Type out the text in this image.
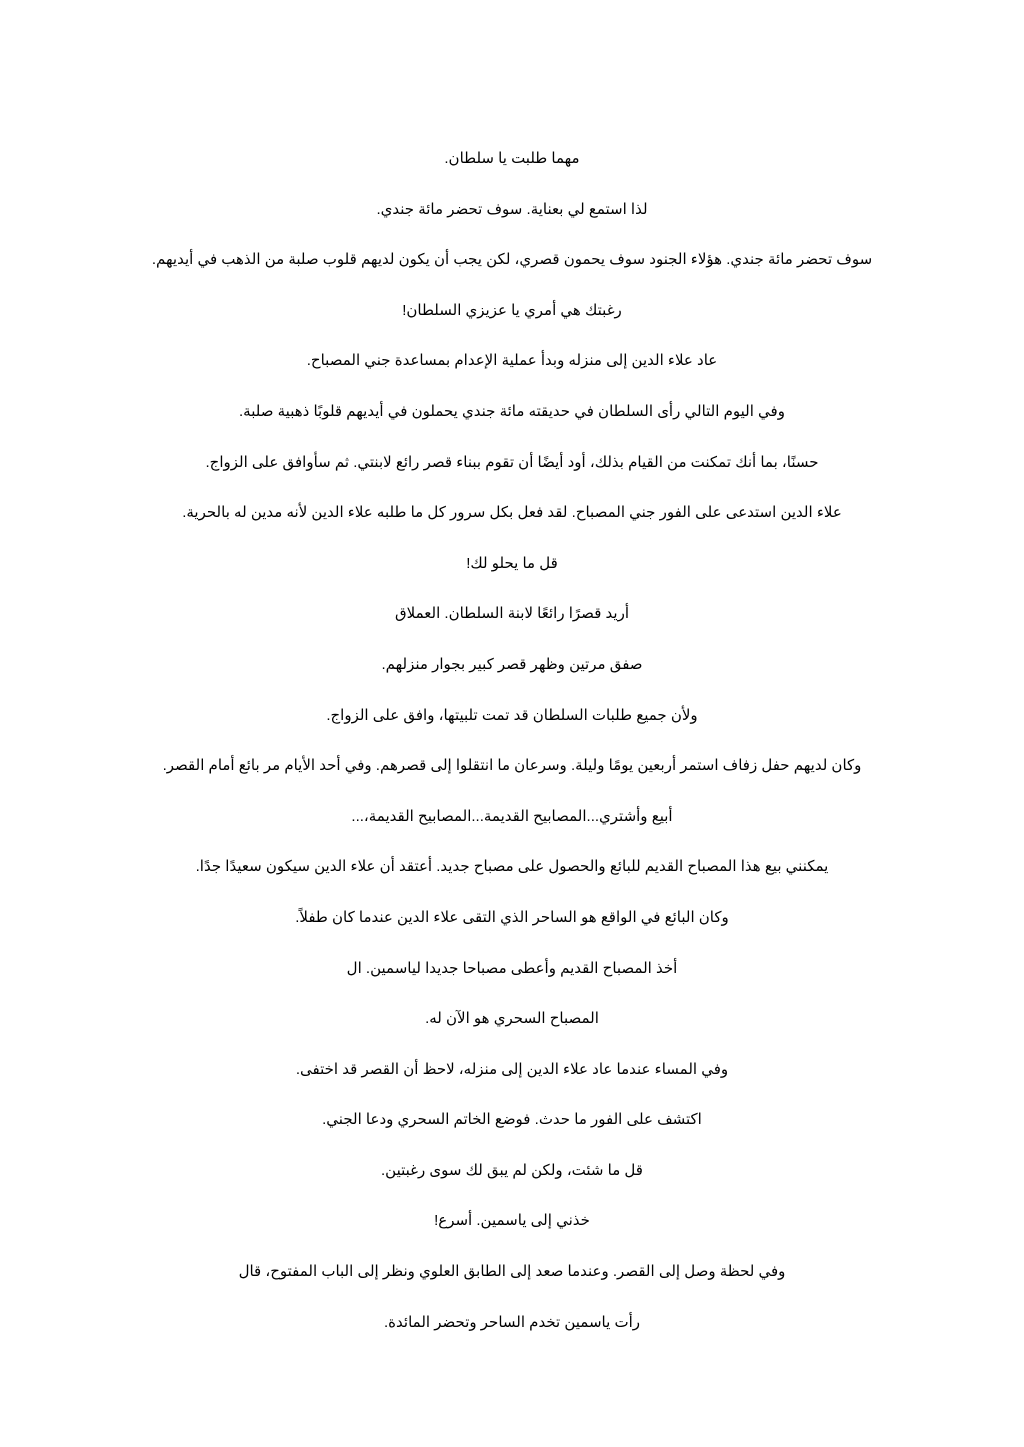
مهما طلبت يا سلطان.

لذا استمع لي بعناية. سوف تحضر مائة جندي.

سوف تحضر مائة جندي. هؤلاء الجنود سوف يحمون قصري، لكن يجب أن يكون لديهم قلوب صلبة من الذهب في أيديهم.

رغبتك هي أمري يا عزيزي السلطان!

عاد علاء الدين إلى منزله وبدأ عملية الإعدام بمساعدة جني المصباح.

وفي اليوم التالي رأى السلطان في حديقته مائة جندي يحملون في أيديهم قلوبًا ذهبية صلبة.

حسنًا، بما أنك تمكنت من القيام بذلك، أود أيضًا أن تقوم ببناء قصر رائع لابنتي. ثم سأوافق على الزواج.

علاء الدين استدعى على الفور جني المصباح. لقد فعل بكل سرور كل ما طلبه علاء الدين لأنه مدين له بالحرية.

قل ما يحلو لك!

أريد قصرًا رائعًا لابنة السلطان. العملاق

صفق مرتين وظهر قصر كبير بجوار منزلهم.

ولأن جميع طلبات السلطان قد تمت تلبيتها، وافق على الزواج.

وكان لديهم حفل زفاف استمر أربعين يومًا وليلة. وسرعان ما انتقلوا إلى قصرهم. وفي أحد الأيام مر بائع أمام القصر.

أبيع وأشتري...المصابيح القديمة...المصابيح القديمة،...

يمكنني بيع هذا المصباح القديم للبائع والحصول على مصباح جديد. أعتقد أن علاء الدين سيكون سعيدًا جدًا.

وكان البائع في الواقع هو الساحر الذي التقى علاء الدين عندما كان طفلاً.

أخذ المصباح القديم وأعطى مصباحا جديدا لياسمين. ال

المصباح السحري هو الآن له.

وفي المساء عندما عاد علاء الدين إلى منزله، لاحظ أن القصر قد اختفى.

اكتشف على الفور ما حدث. فوضع الخاتم السحري ودعا الجني.

قل ما شئت، ولكن لم يبق لك سوى رغبتين.

خذني إلى ياسمين. أسرع!

وفي لحظة وصل إلى القصر. وعندما صعد إلى الطابق العلوي ونظر إلى الباب المفتوح، قال

رأت ياسمين تخدم الساحر وتحضر المائدة.
